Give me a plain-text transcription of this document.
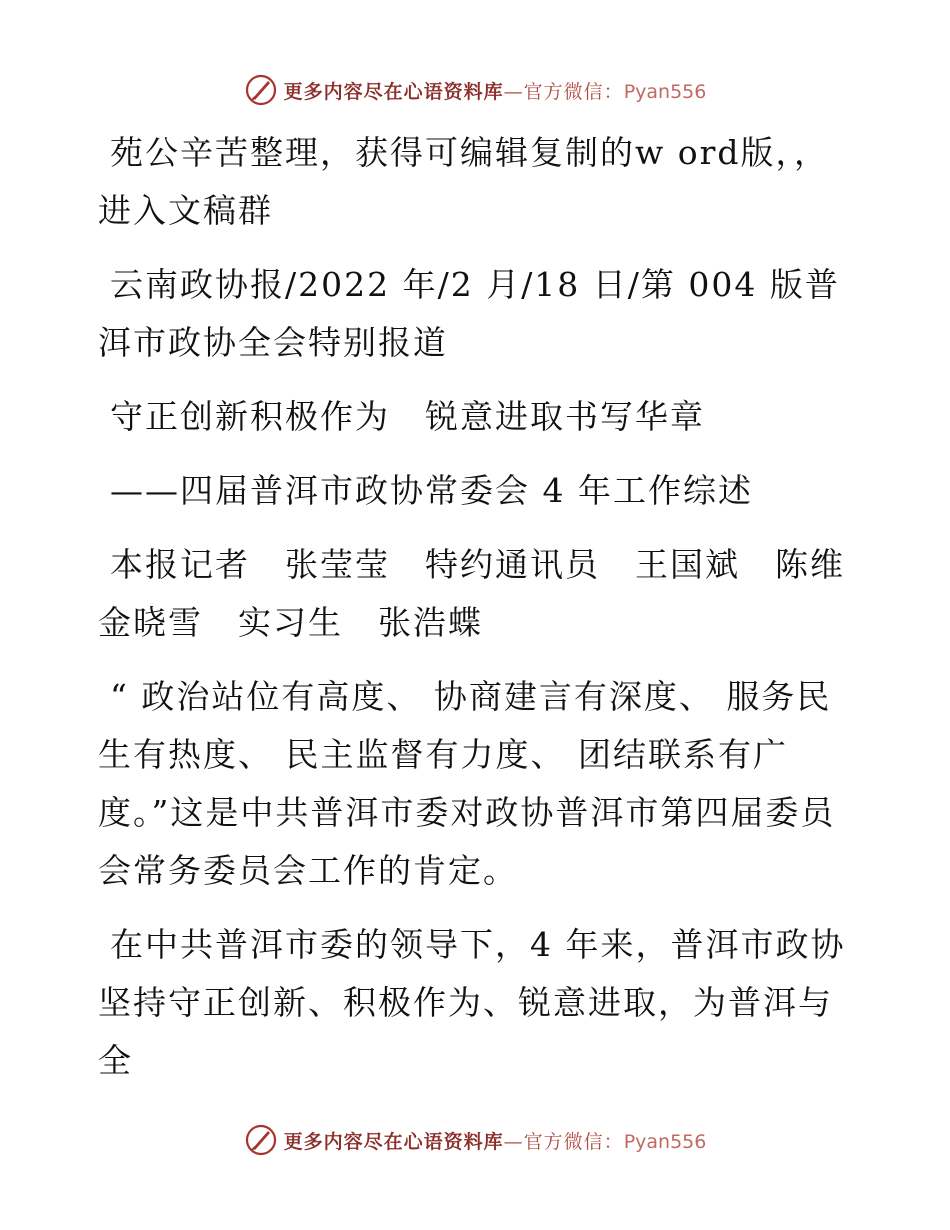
更多内容尽在心语资料库—官方微信：Pyan556

苑公辛苦整理，获得可编辑复制的w ord版，，进入文稿群

云南政协报/2022 年/2 月/18 日/第 004 版普洱市政协全会特别报道

守正创新积极作为　锐意进取书写华章

——四届普洱市政协常委会 4 年工作综述

本报记者　张莹莹　特约通讯员　王国斌　陈维　金晓雪　实习生　张浩蝶

“ 政治站位有高度、 协商建言有深度、 服务民生有热度、 民主监督有力度、 团结联系有广度。”这是中共普洱市委对政协普洱市第四届委员会常务委员会工作的肯定。

在中共普洱市委的领导下，4 年来，普洱市政协坚持守正创新、积极作为、锐意进取，为普洱与全

更多内容尽在心语资料库—官方微信：Pyan556
